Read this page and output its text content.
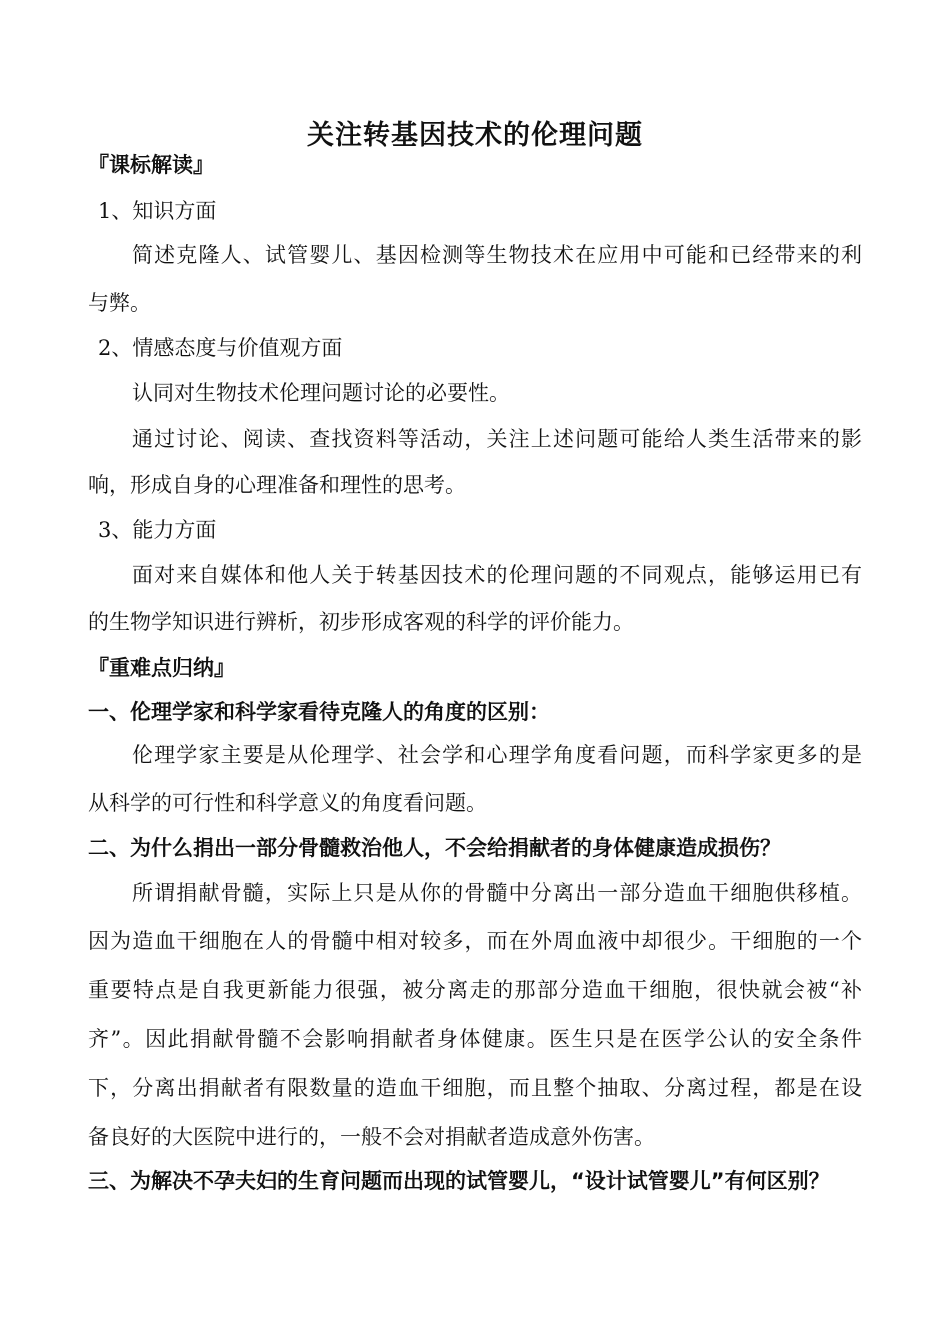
关注转基因技术的伦理问题
『课标解读』
1、知识方面
简述克隆人、试管婴儿、基因检测等生物技术在应用中可能和已经带来的利
与弊。
2、情感态度与价值观方面
认同对生物技术伦理问题讨论的必要性。
通过讨论、阅读、查找资料等活动，关注上述问题可能给人类生活带来的影
响，形成自身的心理准备和理性的思考。
3、能力方面
面对来自媒体和他人关于转基因技术的伦理问题的不同观点，能够运用已有
的生物学知识进行辨析，初步形成客观的科学的评价能力。
『重难点归纳』
一、伦理学家和科学家看待克隆人的角度的区别：
伦理学家主要是从伦理学、社会学和心理学角度看问题，而科学家更多的是
从科学的可行性和科学意义的角度看问题。
二、为什么捐出一部分骨髓救治他人，不会给捐献者的身体健康造成损伤？
所谓捐献骨髓，实际上只是从你的骨髓中分离出一部分造血干细胞供移植。
因为造血干细胞在人的骨髓中相对较多，而在外周血液中却很少。干细胞的一个
重要特点是自我更新能力很强，被分离走的那部分造血干细胞，很快就会被“补
齐”。因此捐献骨髓不会影响捐献者身体健康。医生只是在医学公认的安全条件
下，分离出捐献者有限数量的造血干细胞，而且整个抽取、分离过程，都是在设
备良好的大医院中进行的，一般不会对捐献者造成意外伤害。
三、为解决不孕夫妇的生育问题而出现的试管婴儿，“设计试管婴儿”有何区别？
